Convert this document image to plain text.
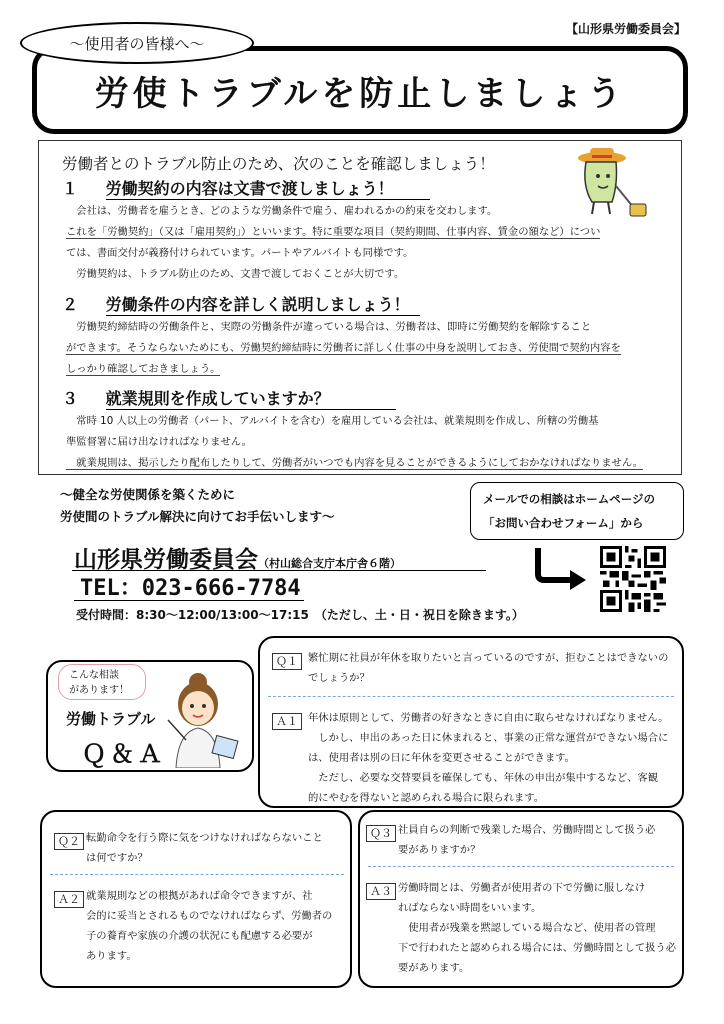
【山形県労働委員会】
～使用者の皆様へ～
労使トラブルを防止しましょう
労働者とのトラブル防止のため、次のことを確認しましょう！
１ 労働契約の内容は文書で渡しましょう！
　会社は、労働者を雇うとき、どのような労働条件で雇う、雇われるかの約束を交わします。
これを「労働契約」（又は「雇用契約」）といいます。特に重要な項目（契約期間、仕事内容、賃金の額など）につい
ては、書面交付が義務付けられています。パートやアルバイトも同様です。
　労働契約は、トラブル防止のため、文書で渡しておくことが大切です。
２ 労働条件の内容を詳しく説明しましょう！
　労働契約締結時の労働条件と、実際の労働条件が違っている場合は、労働者は、即時に労働契約を解除すること
ができます。そうならないためにも、労働契約締結時に労働者に詳しく仕事の中身を説明しておき、労使間で契約内容を
しっかり確認しておきましょう。
３ 就業規則を作成していますか？
　常時 10 人以上の労働者（パート、アルバイトを含む）を雇用している会社は、就業規則を作成し、所轄の労働基
準監督署に届け出なければなりません。
　就業規則は、掲示したり配布したりして、労働者がいつでも内容を見ることができるようにしておかなければなりません。
～健全な労使関係を築くために
労使間のトラブル解決に向けてお手伝いします～
メールでの相談はホームページの
「お問い合わせフォーム」から
山形県労働委員会（村山総合支庁本庁舎６階）
TEL：023-666-7784
受付時間：8:30～12:00/13:00～17:15　（ただし、土・日・祝日を除きます。）
こんな相談
があります！
労働トラブル
Ｑ＆Ａ
Ｑ１ 繁忙期に社員が年休を取りたいと言っているのですが、拒むことはできないの
でしょうか？
Ａ１ 年休は原則として、労働者の好きなときに自由に取らせなければなりません。
　しかし、申出のあった日に休まれると、事業の正常な運営ができない場合に
は、使用者は別の日に年休を変更させることができます。
　ただし、必要な交替要員を確保しても、年休の申出が集中するなど、客観
的にやむを得ないと認められる場合に限られます。
Ｑ２ 転勤命令を行う際に気をつけなければならないこと
は何ですか？
Ａ２ 就業規則などの根拠があれば命令できますが、社
会的に妥当とされるものでなければならず、労働者の
子の養育や家族の介護の状況にも配慮する必要が
あります。
Ｑ３ 社員自らの判断で残業した場合、労働時間として扱う必
要がありますか？
Ａ３ 労働時間とは、労働者が使用者の下で労働に服しなけ
ればならない時間をいいます。
　使用者が残業を黙認している場合など、使用者の管理
下で行われたと認められる場合には、労働時間として扱う必
要があります。
